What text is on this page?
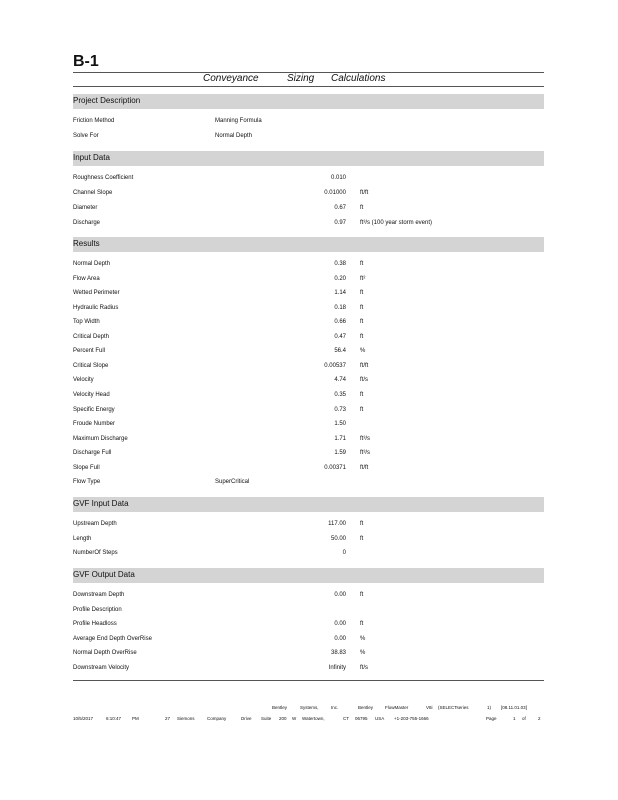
B-1
Conveyance	Sizing Calculations
Project Description
Friction Method	Manning Formula
Solve For	Normal Depth
Input Data
Roughness Coefficient	0.010
Channel Slope	0.01000 ft/ft
Diameter	0.67 ft
Discharge	0.97 ft³/s (100 year storm event)
Results
Normal Depth	0.38 ft
Flow Area	0.20 ft²
Wetted Perimeter	1.14 ft
Hydraulic Radius	0.18 ft
Top Width	0.66 ft
Critical Depth	0.47 ft
Percent Full	56.4 %
Critical Slope	0.00537 ft/ft
Velocity	4.74 ft/s
Velocity Head	0.35 ft
Specific Energy	0.73 ft
Froude Number	1.50
Maximum Discharge	1.71 ft³/s
Discharge Full	1.59 ft³/s
Slope Full	0.00371 ft/ft
Flow Type	SuperCritical
GVF Input Data
Upstream Depth	117.00 ft
Length	50.00 ft
NumberOf Steps	0
GVF Output Data
Downstream Depth	0.00 ft
Profile Description
Profile Headloss	0.00 ft
Average End Depth OverRise	0.00 %
Normal Depth OverRise	38.83 %
Downstream Velocity	Infinity ft/s
Bentley	Systems,	Inc.	Bentley	FlowMaster	V8i (SELECTseries	1) [08.11.01.03]
10/5/2017	6:10:47 PM	27 Siemons	Company	Drive Suite 200 W Watertown,	CT 06795 USA +1-203-755-1666	Page	1 of	2
